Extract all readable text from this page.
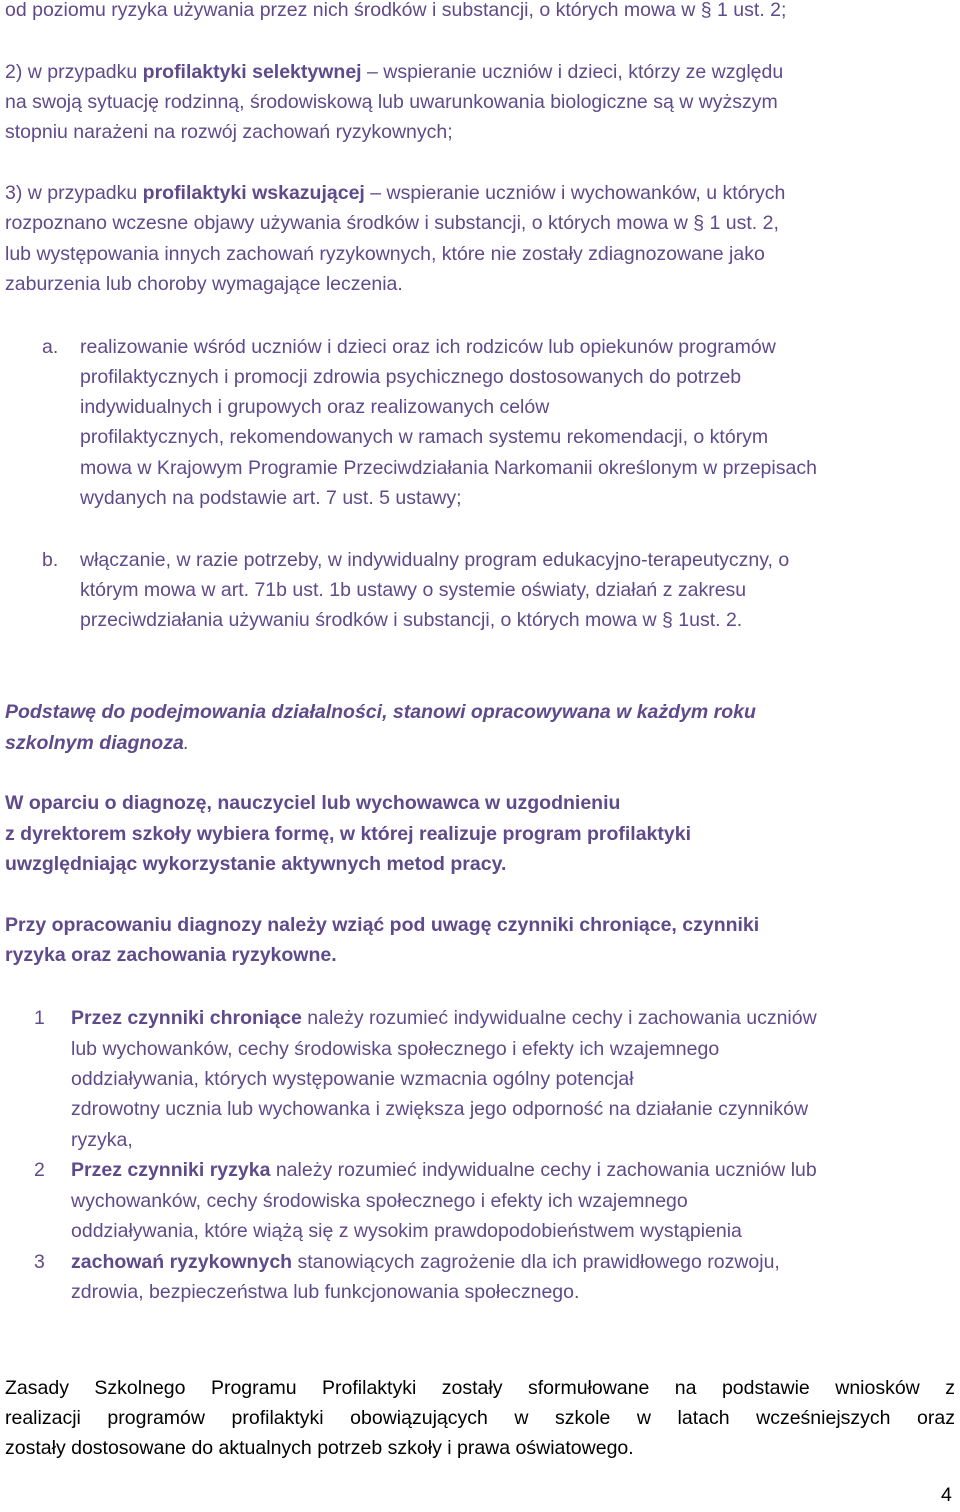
od poziomu ryzyka używania przez nich środków i substancji, o których mowa w § 1 ust. 2;
2) w przypadku profilaktyki selektywnej – wspieranie uczniów i dzieci, którzy ze względu
na swoją sytuację rodzinną, środowiskową lub uwarunkowania biologiczne są w wyższym
stopniu narażeni na rozwój zachowań ryzykownych;
3) w przypadku profilaktyki wskazującej – wspieranie uczniów i wychowanków, u których
rozpoznano wczesne objawy używania środków i substancji, o których mowa w § 1 ust. 2,
lub występowania innych zachowań ryzykownych, które nie zostały zdiagnozowane jako
zaburzenia lub choroby wymagające leczenia.
a. realizowanie wśród uczniów i dzieci oraz ich rodziców lub opiekunów programów
profilaktycznych i promocji zdrowia psychicznego dostosowanych do potrzeb
indywidualnych i grupowych oraz realizowanych celów
profilaktycznych, rekomendowanych w ramach systemu rekomendacji, o którym
mowa w Krajowym Programie Przeciwdziałania Narkomanii określonym w przepisach
wydanych na podstawie art. 7 ust. 5 ustawy;
b. włączanie, w razie potrzeby, w indywidualny program edukacyjno-terapeutyczny, o
którym mowa w art. 71b ust. 1b ustawy o systemie oświaty, działań z zakresu
przeciwdziałania używaniu środków i substancji, o których mowa w § 1ust. 2.
Podstawę do podejmowania działalności, stanowi opracowywana w każdym roku
szkolnym diagnoza.
W oparciu o diagnozę, nauczyciel lub wychowawca w uzgodnieniu
z dyrektorem szkoły wybiera formę, w której realizuje program profilaktyki
uwzględniając wykorzystanie aktywnych metod pracy.
Przy opracowaniu diagnozy należy wziąć pod uwagę czynniki chroniące, czynniki
ryzyka oraz zachowania ryzykowne.
1 Przez czynniki chroniące należy rozumieć indywidualne cechy i zachowania uczniów
lub wychowanków, cechy środowiska społecznego i efekty ich wzajemnego
oddziaływania, których występowanie wzmacnia ogólny potencjał
zdrowotny ucznia lub wychowanka i zwiększa jego odporność na działanie czynników
ryzyka,
2 Przez czynniki ryzyka należy rozumieć indywidualne cechy i zachowania uczniów lub
wychowanków, cechy środowiska społecznego i efekty ich wzajemnego
oddziaływania, które wiążą się z wysokim prawdopodobieństwem wystąpienia
3 zachowań ryzykownych stanowiących zagrożenie dla ich prawidłowego rozwoju,
zdrowia, bezpieczeństwa lub funkcjonowania społecznego.
Zasady Szkolnego Programu Profilaktyki zostały sformułowane na podstawie wniosków z
realizacji programów profilaktyki obowiązujących w szkole w latach wcześniejszych oraz
zostały dostosowane do aktualnych potrzeb szkoły i prawa oświatowego.
4
